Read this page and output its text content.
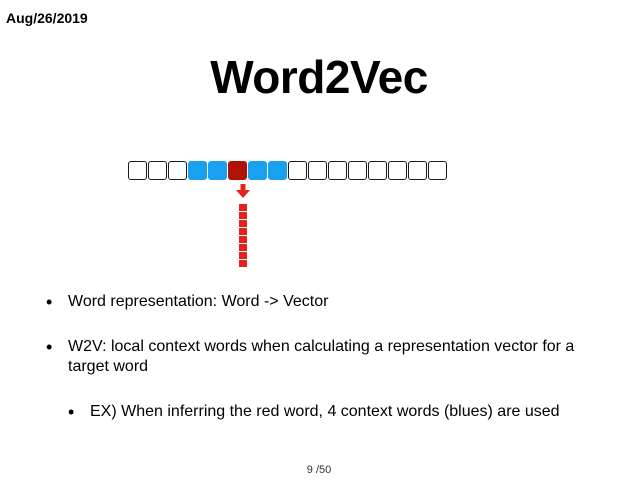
Aug/26/2019
Word2Vec
• Word representation: Word -> Vector
• W2V: local context words when calculating a representation vector for a target word
• EX) When inferring the red word, 4 context words (blues) are used
9 /50
